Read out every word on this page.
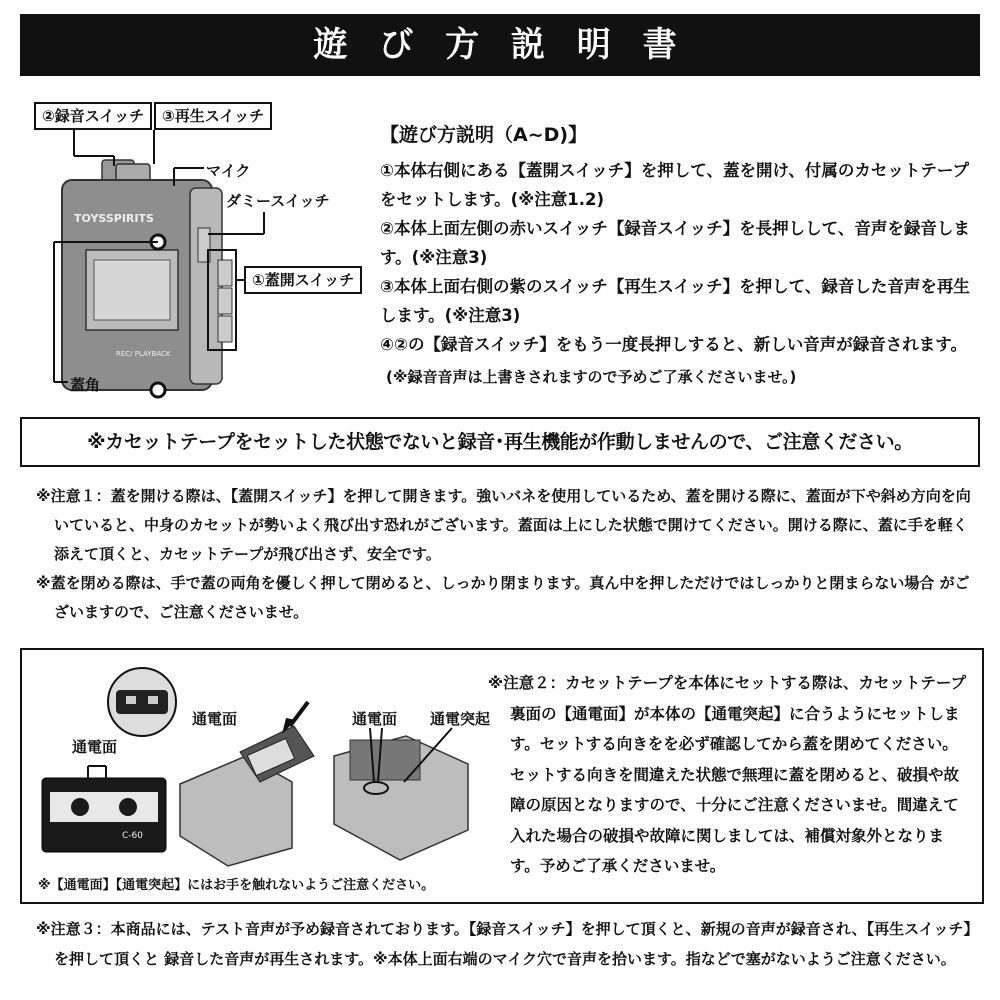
遊 び 方 説 明 書
TOYSSPIRITS
REC/ PLAYBACK
②録音スイッチ	③再生スイッチ
マイク
ダミースイッチ
①蓋開スイッチ
蓋角
【遊び方説明（A~D)】

①本体右側にある【蓋開スイッチ】を押して、蓋を開け、付属のカセットテープをセットします。(※注意1.2)

②本体上面左側の赤いスイッチ【録音スイッチ】を長押しして、音声を録音します。(※注意3)

③本体上面右側の紫のスイッチ【再生スイッチ】を押して、録音した音声を再生します。(※注意3)

④②の【録音スイッチ】をもう一度長押しすると、新しい音声が録音されます。

(※録音音声は上書きされますので予めご了承くださいませ。)
※カセットテープをセットした状態でないと録音･再生機能が作動しませんので、ご注意ください。

※注意１：蓋を開ける際は、【蓋開スイッチ】を押して開きます。強いバネを使用しているため、蓋を開ける際に、蓋面が下や斜め方向を向いていると、中身のカセットが勢いよく飛び出す恐れがございます。蓋面は上にした状態で開けてください。開ける際に、蓋に手を軽く添えて頂くと、カセットテープが飛び出さず、安全です。

※蓋を閉める際は、手で蓋の両角を優しく押して閉めると、しっかり閉まります。真ん中を押しただけではしっかりと閉まらない場合 がございますので、ご注意くださいませ。

C-60
通電面
通電面	通電面 通電突起

※注意２：カセットテープを本体にセットする際は、カセットテープ裏面の【通電面】が本体の【通電突起】に合うようにセットします。セットする向きをを必ず確認してから蓋を閉めてください。セットする向きを間違えた状態で無理に蓋を閉めると、破損や故障の原因となりますので、十分にご注意くださいませ。間違えて入れた場合の破損や故障に関しましては、補償対象外となります。予めご了承くださいませ。

※【通電面】【通電突起】にはお手を触れないようご注意ください。

※注意３：本商品には、テスト音声が予め録音されております。【録音スイッチ】を押して頂くと、新規の音声が録音され、【再生スイッチ】を押して頂くと 録音した音声が再生されます。※本体上面右端のマイク穴で音声を拾います。指などで塞がないようご注意ください。
